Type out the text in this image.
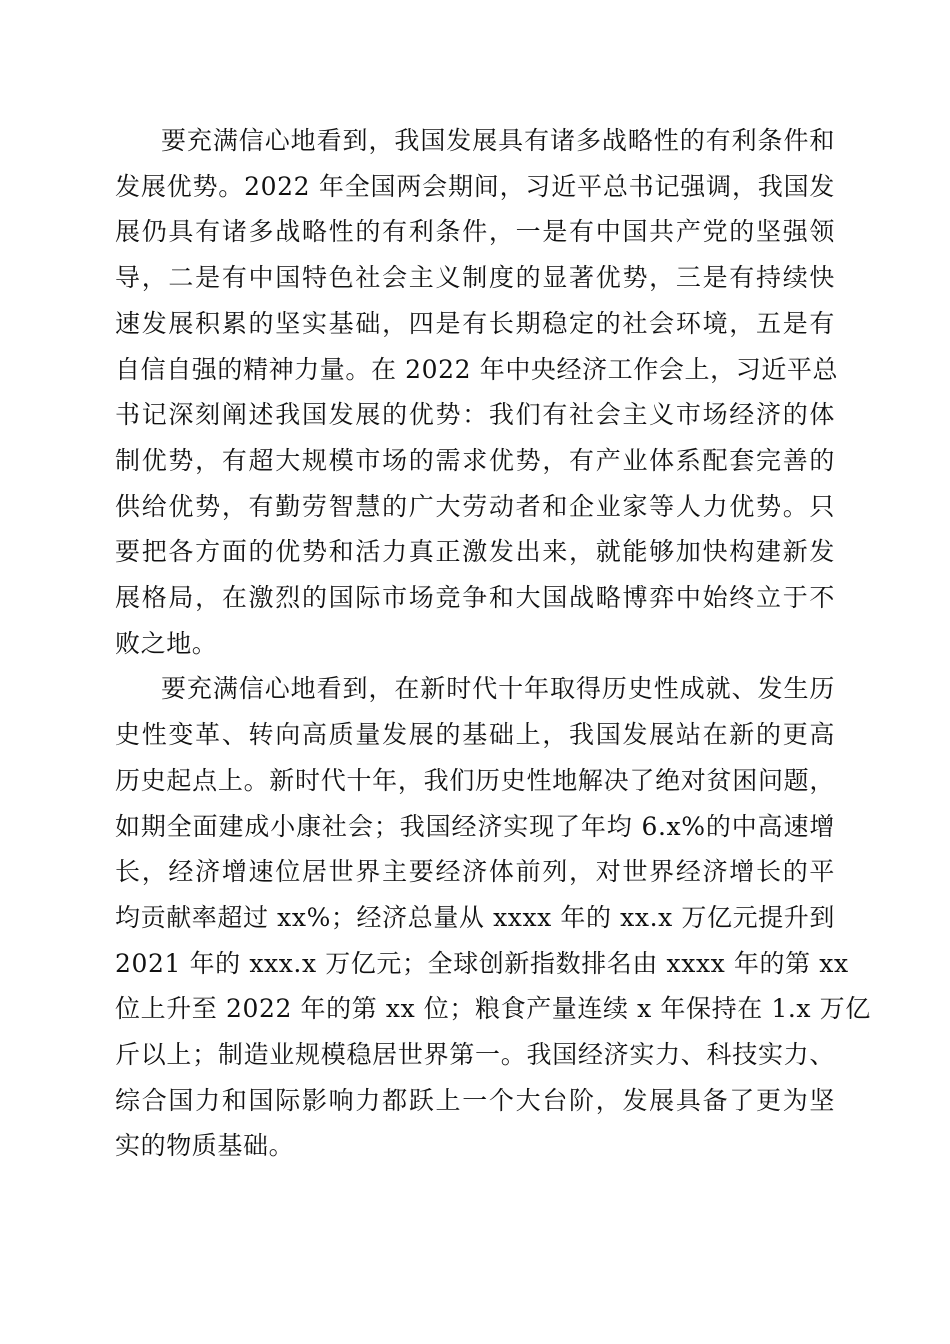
要充满信心地看到，我国发展具有诸多战略性的有利条件和
发展优势。2022 年全国两会期间，习近平总书记强调，我国发
展仍具有诸多战略性的有利条件，一是有中国共产党的坚强领
导，二是有中国特色社会主义制度的显著优势，三是有持续快
速发展积累的坚实基础，四是有长期稳定的社会环境，五是有
自信自强的精神力量。在 2022 年中央经济工作会上，习近平总
书记深刻阐述我国发展的优势：我们有社会主义市场经济的体
制优势，有超大规模市场的需求优势，有产业体系配套完善的
供给优势，有勤劳智慧的广大劳动者和企业家等人力优势。只
要把各方面的优势和活力真正激发出来，就能够加快构建新发
展格局，在激烈的国际市场竞争和大国战略博弈中始终立于不
败之地。
要充满信心地看到，在新时代十年取得历史性成就、发生历
史性变革、转向高质量发展的基础上，我国发展站在新的更高
历史起点上。新时代十年，我们历史性地解决了绝对贫困问题，
如期全面建成小康社会；我国经济实现了年均 6.x%的中高速增
长，经济增速位居世界主要经济体前列，对世界经济增长的平
均贡献率超过 xx%；经济总量从 xxxx 年的 xx.x 万亿元提升到
2021 年的 xxx.x 万亿元；全球创新指数排名由 xxxx 年的第 xx
位上升至 2022 年的第 xx 位；粮食产量连续 x 年保持在 1.x 万亿
斤以上；制造业规模稳居世界第一。我国经济实力、科技实力、
综合国力和国际影响力都跃上一个大台阶，发展具备了更为坚
实的物质基础。
